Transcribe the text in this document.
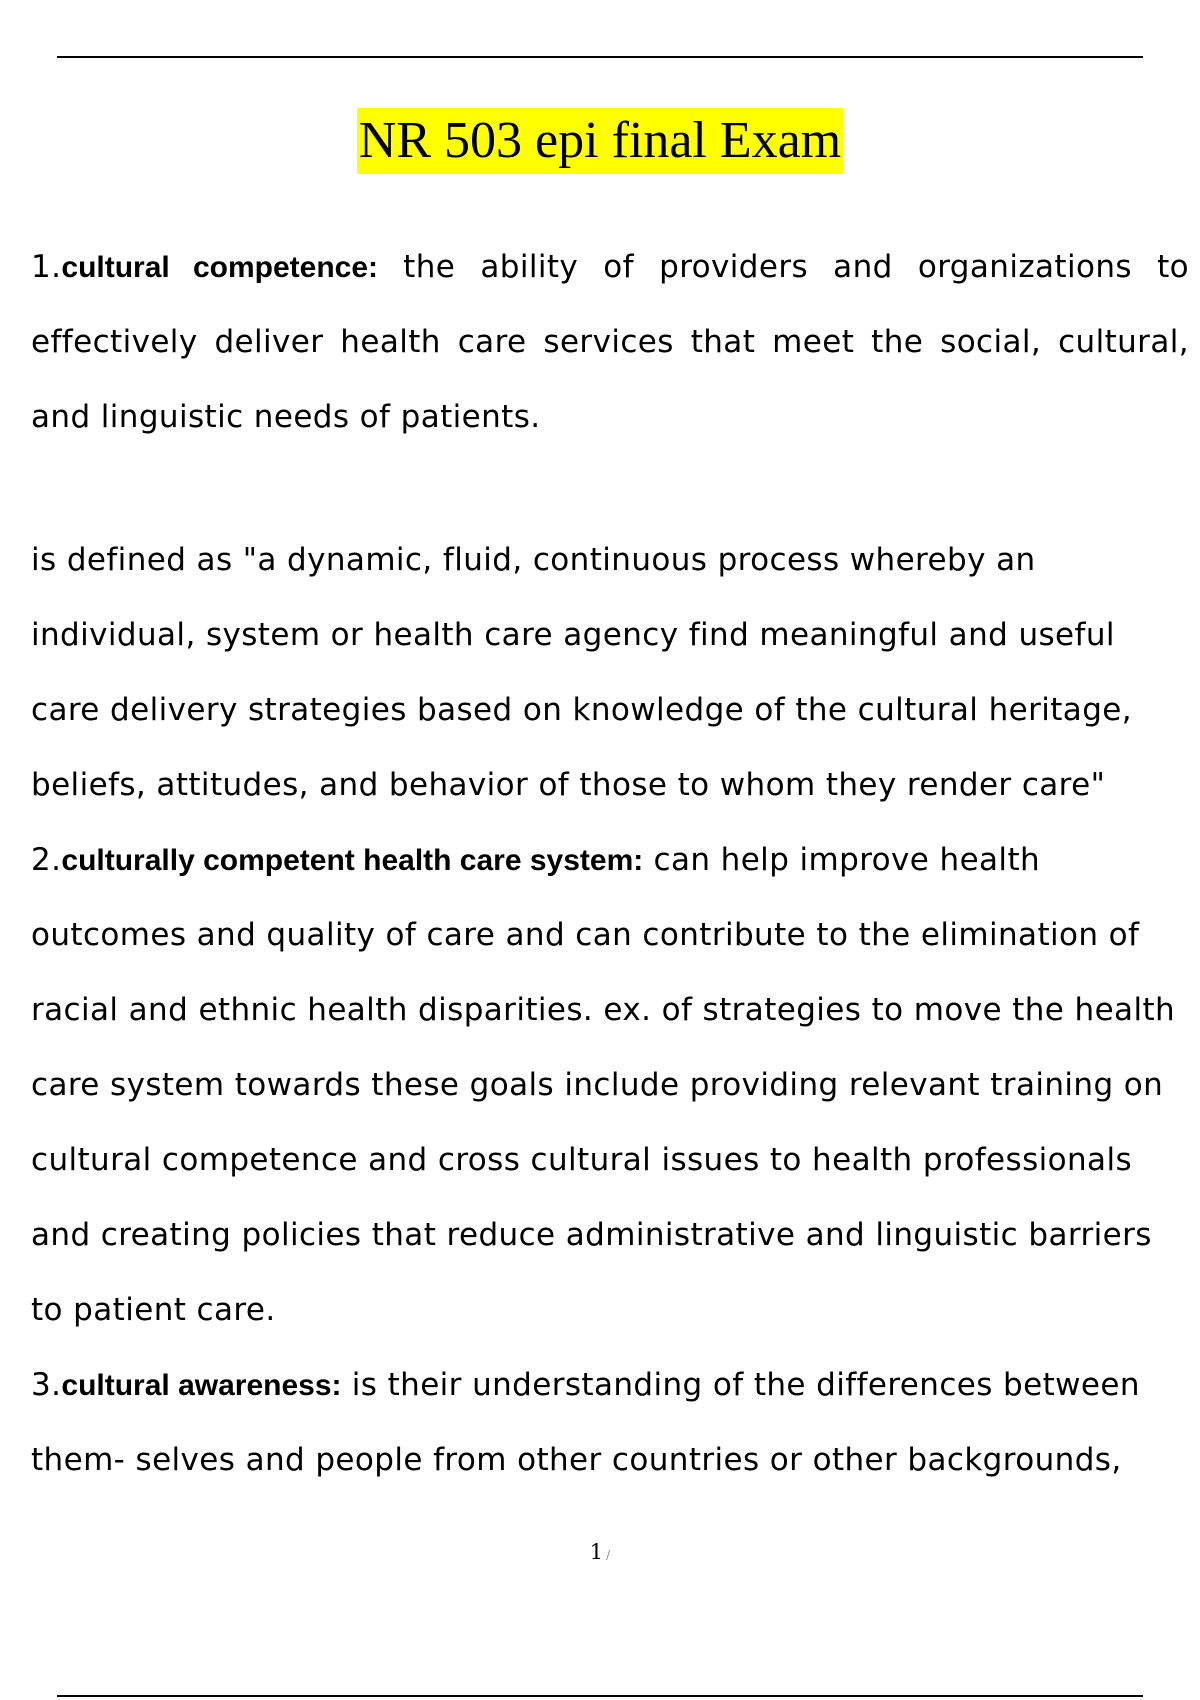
NR 503 epi final Exam

1.cultural competence: the ability of providers and organizations to effectively deliver health care services that meet the social, cultural, and linguistic needs of patients.

is defined as "a dynamic, fluid, continuous process whereby an individual, system or health care agency find meaningful and useful care delivery strategies based on knowledge of the cultural heritage, beliefs, attitudes, and behavior of those to whom they render care"

2.culturally competent health care system: can help improve health outcomes and quality of care and can contribute to the elimination of racial and ethnic health disparities. ex. of strategies to move the health care system towards these goals include providing relevant training on cultural competence and cross cultural issues to health professionals and creating policies that reduce administrative and linguistic barriers to patient care.

3.cultural awareness: is their understanding of the differences between them- selves and people from other countries or other backgrounds,

1 /
